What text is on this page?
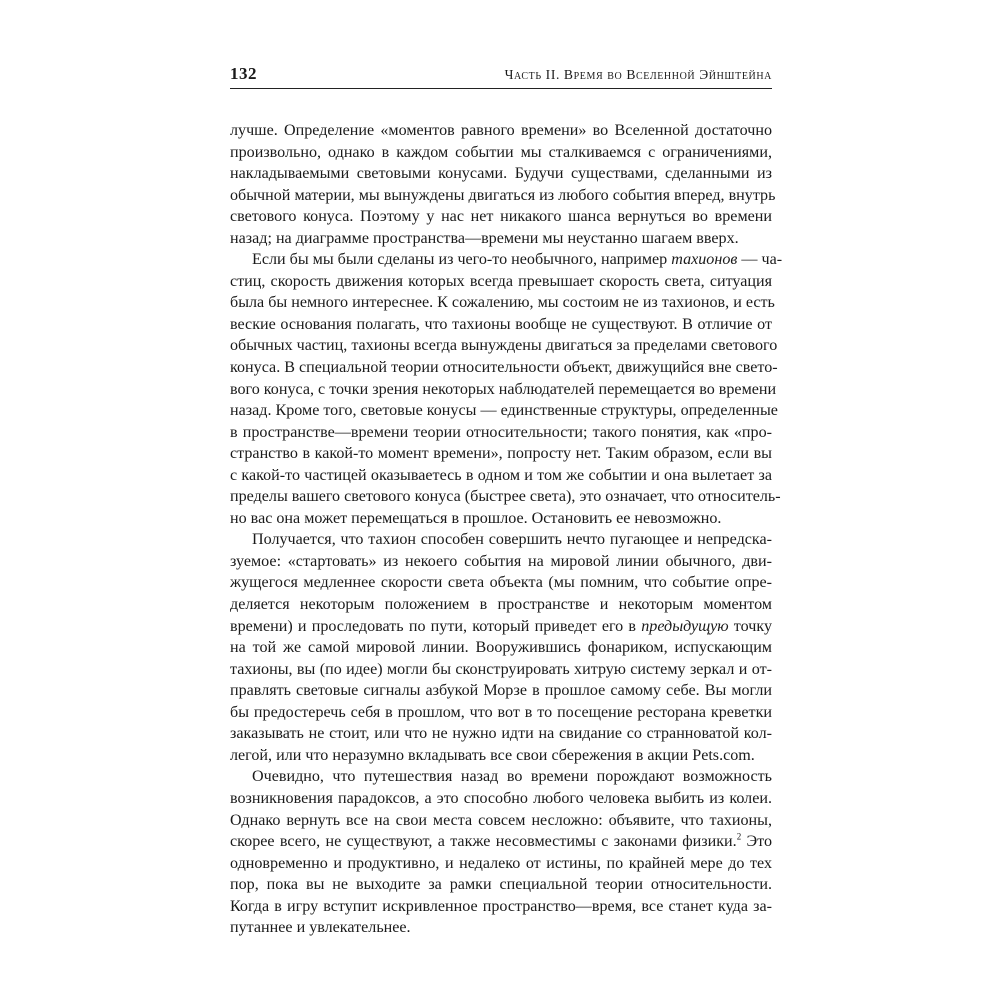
132	Часть II. Время во Вселенной Эйнштейна
лучше. Определение «моментов равного времени» во Вселенной достаточно
произвольно, однако в каждом событии мы сталкиваемся с ограничениями,
накладываемыми световыми конусами. Будучи существами, сделанными из
обычной материи, мы вынуждены двигаться из любого события вперед, внутрь
светового конуса. Поэтому у нас нет никакого шанса вернуться во времени
назад; на диаграмме пространства—времени мы неустанно шагаем вверх.
Если бы мы были сделаны из чего-то необычного, например тахионов — ча-
стиц, скорость движения которых всегда превышает скорость света, ситуация
была бы немного интереснее. К сожалению, мы состоим не из тахионов, и есть
веские основания полагать, что тахионы вообще не существуют. В отличие от
обычных частиц, тахионы всегда вынуждены двигаться за пределами светового
конуса. В специальной теории относительности объект, движущийся вне свето-
вого конуса, с точки зрения некоторых наблюдателей перемещается во времени
назад. Кроме того, световые конусы — единственные структуры, определенные
в пространстве—времени теории относительности; такого понятия, как «про-
странство в какой-то момент времени», попросту нет. Таким образом, если вы
с какой-то частицей оказываетесь в одном и том же событии и она вылетает за
пределы вашего светового конуса (быстрее света), это означает, что относитель-
но вас она может перемещаться в прошлое. Остановить ее невозможно.
Получается, что тахион способен совершить нечто пугающее и непредска-
зуемое: «стартовать» из некоего события на мировой линии обычного, дви-
жущегося медленнее скорости света объекта (мы помним, что событие опре-
деляется некоторым положением в пространстве и некоторым моментом
времени) и проследовать по пути, который приведет его в предыдущую точку
на той же самой мировой линии. Вооружившись фонариком, испускающим
тахионы, вы (по идее) могли бы сконструировать хитрую систему зеркал и от-
правлять световые сигналы азбукой Морзе в прошлое самому себе. Вы могли
бы предостеречь себя в прошлом, что вот в то посещение ресторана креветки
заказывать не стоит, или что не нужно идти на свидание со странноватой кол-
легой, или что неразумно вкладывать все свои сбережения в акции Pets.com.
Очевидно, что путешествия назад во времени порождают возможность
возникновения парадоксов, а это способно любого человека выбить из колеи.
Однако вернуть все на свои места совсем несложно: объявите, что тахионы,
скорее всего, не существуют, а также несовместимы с законами физики.$^2$ Это
одновременно и продуктивно, и недалеко от истины, по крайней мере до тех
пор, пока вы не выходите за рамки специальной теории относительности.
Когда в игру вступит искривленное пространство—время, все станет куда за-
путаннее и увлекательнее.
